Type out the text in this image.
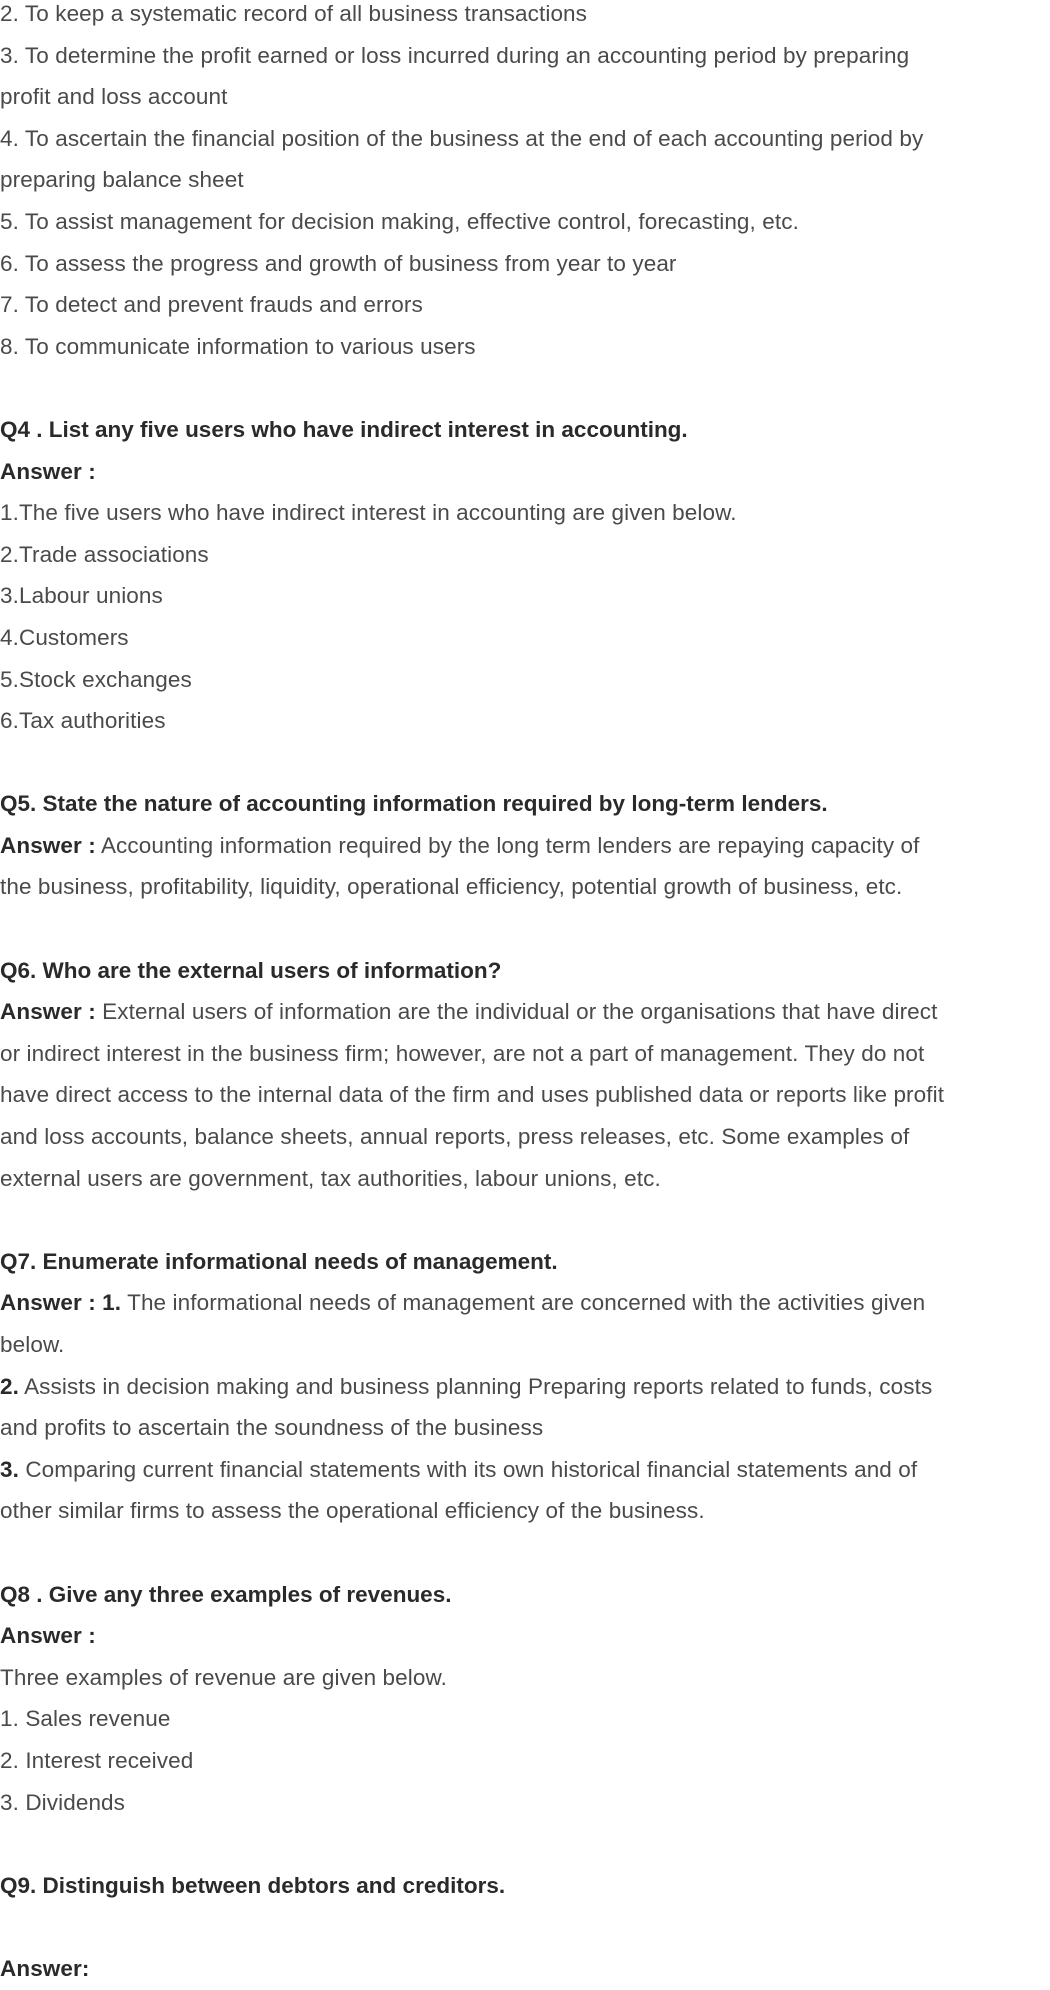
2. To keep a systematic record of all business transactions
3. To determine the profit earned or loss incurred during an accounting period by preparing
profit and loss account
4. To ascertain the financial position of the business at the end of each accounting period by
preparing balance sheet
5. To assist management for decision making, effective control, forecasting, etc.
6. To assess the progress and growth of business from year to year
7. To detect and prevent frauds and errors
8. To communicate information to various users
Q4 . List any five users who have indirect interest in accounting.
Answer :
1.The five users who have indirect interest in accounting are given below.
2.Trade associations
3.Labour unions
4.Customers
5.Stock exchanges
6.Tax authorities
Q5. State the nature of accounting information required by long-term lenders.
Answer : Accounting information required by the long term lenders are repaying capacity of
the business, profitability, liquidity, operational efficiency, potential growth of business, etc.
Q6. Who are the external users of information?
Answer : External users of information are the individual or the organisations that have direct
or indirect interest in the business firm; however, are not a part of management. They do not
have direct access to the internal data of the firm and uses published data or reports like profit
and loss accounts, balance sheets, annual reports, press releases, etc. Some examples of
external users are government, tax authorities, labour unions, etc.
Q7. Enumerate informational needs of management.
Answer : 1. The informational needs of management are concerned with the activities given
below.
2. Assists in decision making and business planning Preparing reports related to funds, costs
and profits to ascertain the soundness of the business
3. Comparing current financial statements with its own historical financial statements and of
other similar firms to assess the operational efficiency of the business.
Q8 . Give any three examples of revenues.
Answer :
Three examples of revenue are given below.
1. Sales revenue
2. Interest received
3. Dividends
Q9. Distinguish between debtors and creditors.
Answer:
